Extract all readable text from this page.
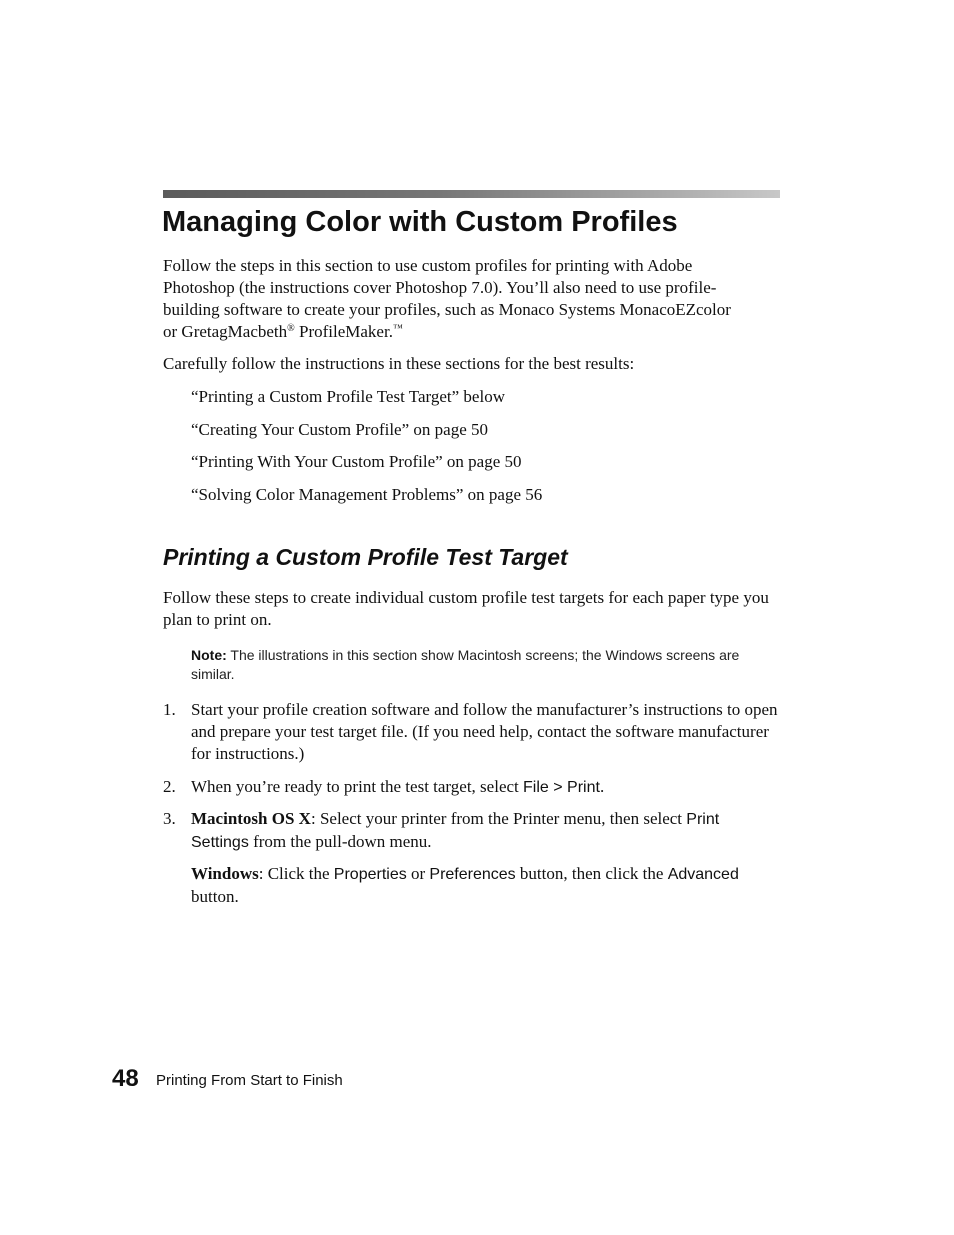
Managing Color with Custom Profiles

Follow the steps in this section to use custom profiles for printing with Adobe Photoshop (the instructions cover Photoshop 7.0). You’ll also need to use profile-building software to create your profiles, such as Monaco Systems MonacoEZcolor or GretagMacbeth® ProfileMaker.™

Carefully follow the instructions in these sections for the best results:

“Printing a Custom Profile Test Target” below

“Creating Your Custom Profile” on page 50

“Printing With Your Custom Profile” on page 50

“Solving Color Management Problems” on page 56

Printing a Custom Profile Test Target

Follow these steps to create individual custom profile test targets for each paper type you plan to print on.

Note: The illustrations in this section show Macintosh screens; the Windows screens are similar.

1. Start your profile creation software and follow the manufacturer’s instructions to open and prepare your test target file. (If you need help, contact the software manufacturer for instructions.)

2. When you’re ready to print the test target, select File > Print.

3. Macintosh OS X: Select your printer from the Printer menu, then select Print Settings from the pull-down menu.

Windows: Click the Properties or Preferences button, then click the Advanced button.

48 Printing From Start to Finish
